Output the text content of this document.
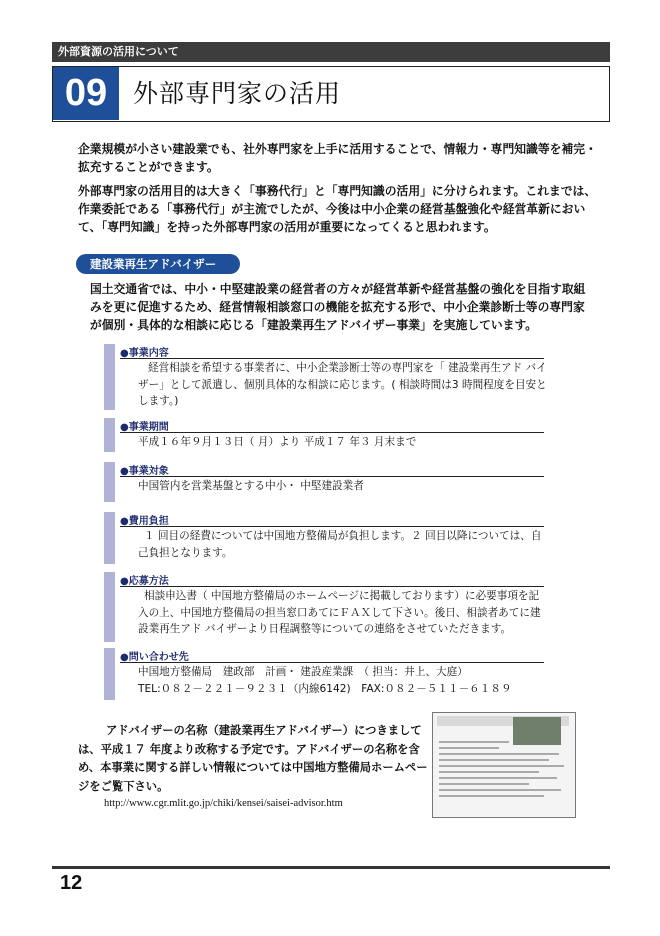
外部資源の活用について
09	外部専門家の活用
企業規模が小さい建設業でも、社外専門家を上手に活用することで、情報力・専門知識等を補完・拡充することができます。
外部専門家の活用目的は大きく「事務代行」と「専門知識の活用」に分けられます。これまでは、作業委託である「事務代行」が主流でしたが、今後は中小企業の経営基盤強化や経営革新において、「専門知識」を持った外部専門家の活用が重要になってくると思われます。
建設業再生アドバイザー
国土交通省では、中小・中堅建設業の経営者の方々が経営革新や経営基盤の強化を目指す取組みを更に促進するため、経営情報相談窓口の機能を拡充する形で、中小企業診断士等の専門家が個別・具体的な相談に応じる「建設業再生アドバイザー事業」を実施しています。
●事業内容
経営相談を希望する事業者に、中小企業診断士等の専門家を「 建設業再生アド バイザー」として派遣し、個別具体的な相談に応じます。( 相談時間は3 時間程度を目安とします。)
●事業期間
平成１６年９月１３日（ 月）より 平成１７ 年３ 月末まで
●事業対象
中国管内を営業基盤とする中小・ 中堅建設業者
●費用負担
１ 回目の経費については中国地方整備局が負担します。２ 回目以降については、自己負担となります。
●応募方法
相談申込書（ 中国地方整備局のホームページに掲載しております）に必要事項を記入の上、中国地方整備局の担当窓口あてにＦＡＸして下さい。後日、相談者あてに建設業再生アド バイザーより日程調整等についての連絡をさせていただきます。
●問い合わせ先
中国地方整備局　建政部　計画・ 建設産業課　（ 担当：井上、大庭）
TEL:０８２－２２１－９２３１（内線6142)　FAX:０８２－５１１－６１８９
アドバイザーの名称（建設業再生アドバイザー）につきましては、平成１７ 年度より改称する予定です。アドバイザーの名称を含め、本事業に関する詳しい情報については中国地方整備局ホームページをご覧下さい。
http://www.cgr.mlit.go.jp/chiki/kensei/saisei-advisor.htm
12
